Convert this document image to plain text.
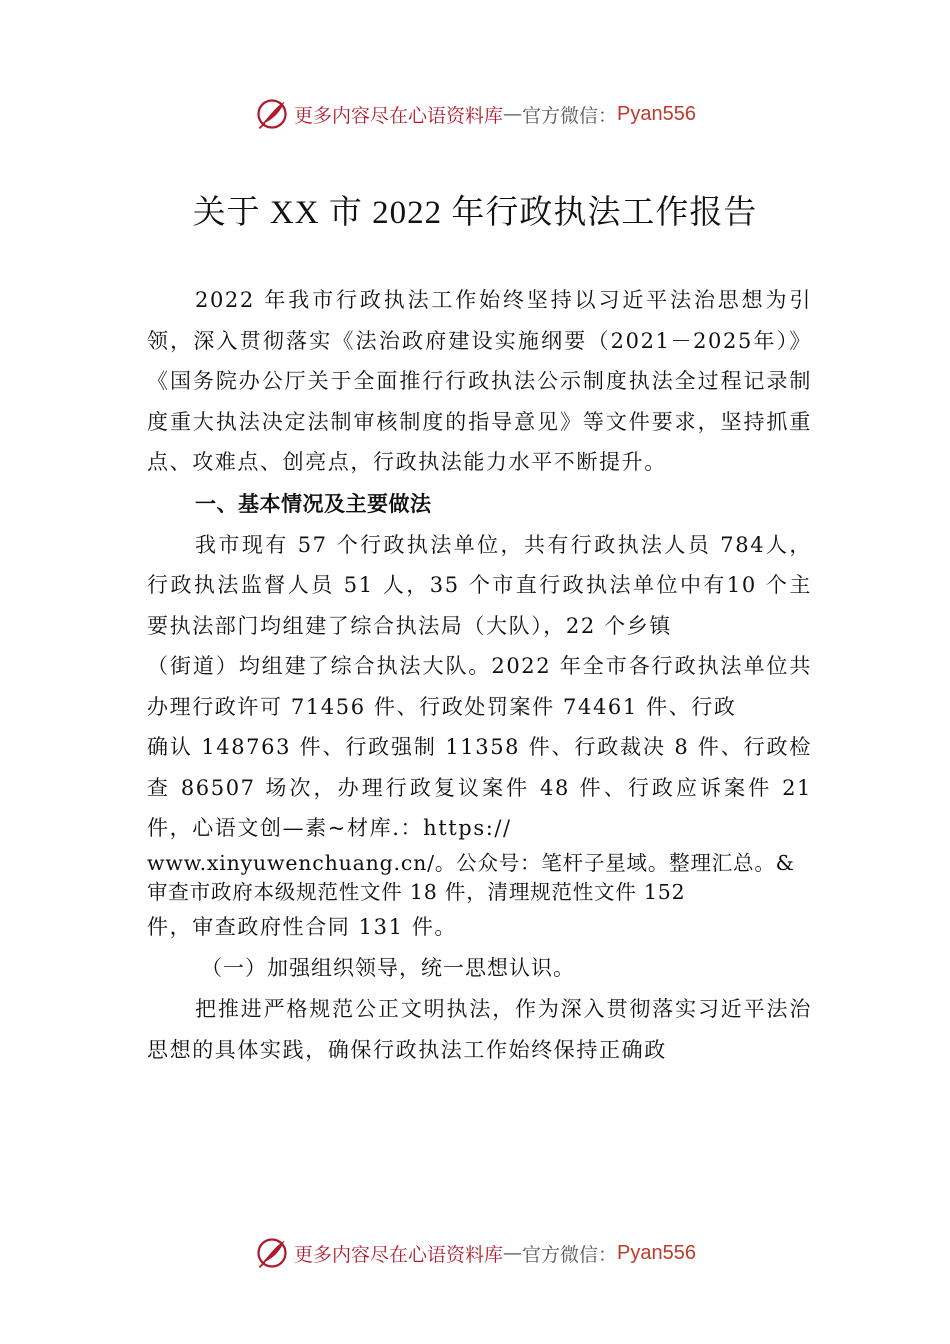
更多内容尽在心语资料库 — 官方微信： Pyan556
关于 XX 市 2022 年行政执法工作报告

2022 年我市行政执法工作始终坚持以习近平法治思想为引领，深入贯彻落实《法治政府建设实施纲要（2021－2025年）》《国务院办公厅关于全面推行行政执法公示制度执法全过程记录制度重大执法决定法制审核制度的指导意见》等文件要求，坚持抓重点、攻难点、创亮点，行政执法能力水平不断提升。

一、基本情况及主要做法

我市现有 57 个行政执法单位，共有行政执法人员 784人，行政执法监督人员 51 人，35 个市直行政执法单位中有10 个主要执法部门均组建了综合执法局（大队），22 个乡镇

（街道）均组建了综合执法大队。2022 年全市各行政执法单位共办理行政许可 71456 件、行政处罚案件 74461 件、行政

确认 148763 件、行政强制 11358 件、行政裁决 8 件、行政检查 86507 场次，办理行政复议案件 48 件、行政应诉案件 21件，心语文创—素~材库.：https://

www.xinyuwenchuang.cn/。公众号：笔杆子星域。整理汇总。&审查市政府本级规范性文件 18 件，清理规范性文件 152

件，审查政府性合同 131 件。

（一）加强组织领导，统一思想认识。

把推进严格规范公正文明执法，作为深入贯彻落实习近平法治思想的具体实践，确保行政执法工作始终保持正确政

更多内容尽在心语资料库 — 官方微信： Pyan556
